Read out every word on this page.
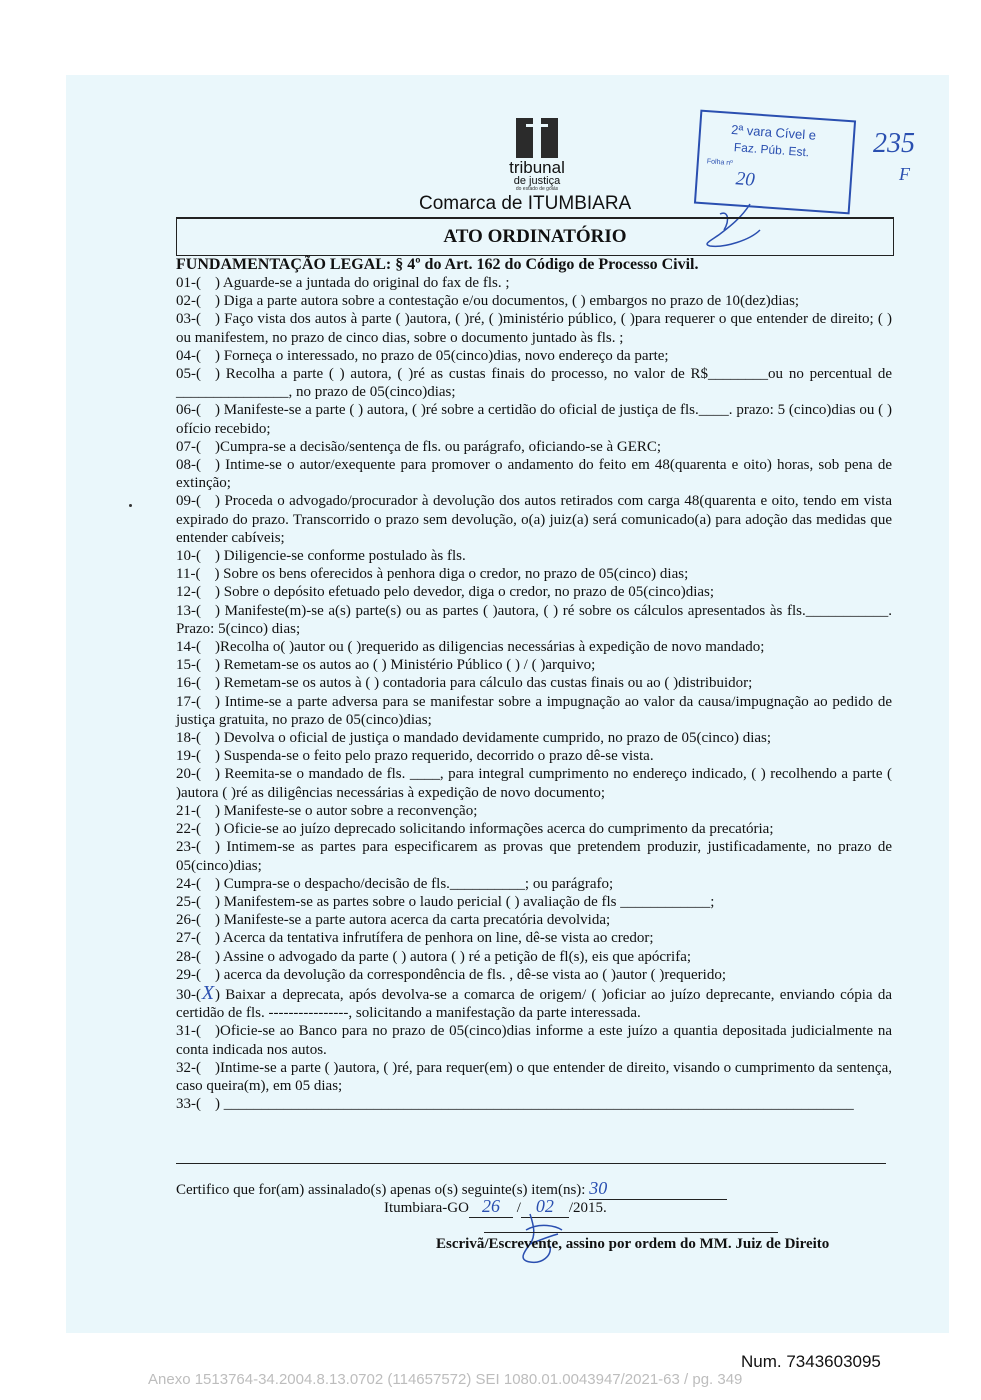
tribunal
de justiça
do estado de goiás
Comarca de ITUMBIARA
2ª vara Cível e
Faz. Púb. Est.
Folha nº
20
235
F
ATO ORDINATÓRIO
FUNDAMENTAÇÃO LEGAL: § 4º do Art. 162 do Código de Processo Civil.
01-( ) Aguarde-se a juntada do original do fax de fls. ;
02-( ) Diga a parte autora sobre a contestação e/ou documentos, ( ) embargos no prazo de 10(dez)dias;
03-( ) Faço vista dos autos à parte ( )autora, ( )ré, ( )ministério público, ( )para requerer o que entender de direito; ( ) ou manifestem, no prazo de cinco dias, sobre o documento juntado às fls. ;
04-( ) Forneça o interessado, no prazo de 05(cinco)dias, novo endereço da parte;
05-( ) Recolha a parte ( ) autora, ( )ré as custas finais do processo, no valor de R$________ou no percentual de _______________, no prazo de 05(cinco)dias;
06-( ) Manifeste-se a parte ( ) autora, ( )ré sobre a certidão do oficial de justiça de fls.____. prazo: 5 (cinco)dias ou ( ) ofício recebido;
07-( )Cumpra-se a decisão/sentença de fls. ou parágrafo, oficiando-se à GERC;
08-( ) Intime-se o autor/exequente para promover o andamento do feito em 48(quarenta e oito) horas, sob pena de extinção;
09-( ) Proceda o advogado/procurador à devolução dos autos retirados com carga 48(quarenta e oito, tendo em vista expirado do prazo. Transcorrido o prazo sem devolução, o(a) juiz(a) será comunicado(a) para adoção das medidas que entender cabíveis;
10-( ) Diligencie-se conforme postulado às fls.
11-( ) Sobre os bens oferecidos à penhora diga o credor, no prazo de 05(cinco) dias;
12-( ) Sobre o depósito efetuado pelo devedor, diga o credor, no prazo de 05(cinco)dias;
13-( ) Manifeste(m)-se a(s) parte(s) ou as partes ( )autora, ( ) ré sobre os cálculos apresentados às fls.___________. Prazo: 5(cinco) dias;
14-( )Recolha o( )autor ou ( )requerido as diligencias necessárias à expedição de novo mandado;
15-( ) Remetam-se os autos ao ( ) Ministério Público ( ) / ( )arquivo;
16-( ) Remetam-se os autos à ( ) contadoria para cálculo das custas finais ou ao ( )distribuidor;
17-( ) Intime-se a parte adversa para se manifestar sobre a impugnação ao valor da causa/impugnação ao pedido de justiça gratuita, no prazo de 05(cinco)dias;
18-( ) Devolva o oficial de justiça o mandado devidamente cumprido, no prazo de 05(cinco) dias;
19-( ) Suspenda-se o feito pelo prazo requerido, decorrido o prazo dê-se vista.
20-( ) Reemita-se o mandado de fls. ____, para integral cumprimento no endereço indicado, ( ) recolhendo a parte ( )autora ( )ré as diligências necessárias à expedição de novo documento;
21-( ) Manifeste-se o autor sobre a reconvenção;
22-( ) Oficie-se ao juízo deprecado solicitando informações acerca do cumprimento da precatória;
23-( ) Intimem-se as partes para especificarem as provas que pretendem produzir, justificadamente, no prazo de 05(cinco)dias;
24-( ) Cumpra-se o despacho/decisão de fls.__________; ou parágrafo;
25-( ) Manifestem-se as partes sobre o laudo pericial ( ) avaliação de fls ____________;
26-( ) Manifeste-se a parte autora acerca da carta precatória devolvida;
27-( ) Acerca da tentativa infrutífera de penhora on line, dê-se vista ao credor;
28-( ) Assine o advogado da parte ( ) autora ( ) ré a petição de fl(s), eis que apócrifa;
29-( ) acerca da devolução da correspondência de fls. , dê-se vista ao ( )autor ( )requerido;
30-(X) Baixar a deprecata, após devolva-se a comarca de origem/ ( )oficiar ao juízo deprecante, enviando cópia da certidão de fls. ----------------, solicitando a manifestação da parte interessada.
31-( )Oficie-se ao Banco para no prazo de 05(cinco)dias informe a este juízo a quantia depositada judicialmente na conta indicada nos autos.
32-( )Intime-se a parte ( )autora, ( )ré, para requer(em) o que entender de direito, visando o cumprimento da sentença, caso queira(m), em 05 dias;
33-( ) ____________________________________________________________________________________
Certifico que for(am) assinalado(s) apenas o(s) seguinte(s) item(ns): 30
Itumbiara-GO 26 / 02 /2015.
Escrivã/Escrevente, assino por ordem do MM. Juiz de Direito
Num. 7343603095
Anexo 1513764-34.2004.8.13.0702 (114657572) SEI 1080.01.0043947/2021-63 / pg. 349
